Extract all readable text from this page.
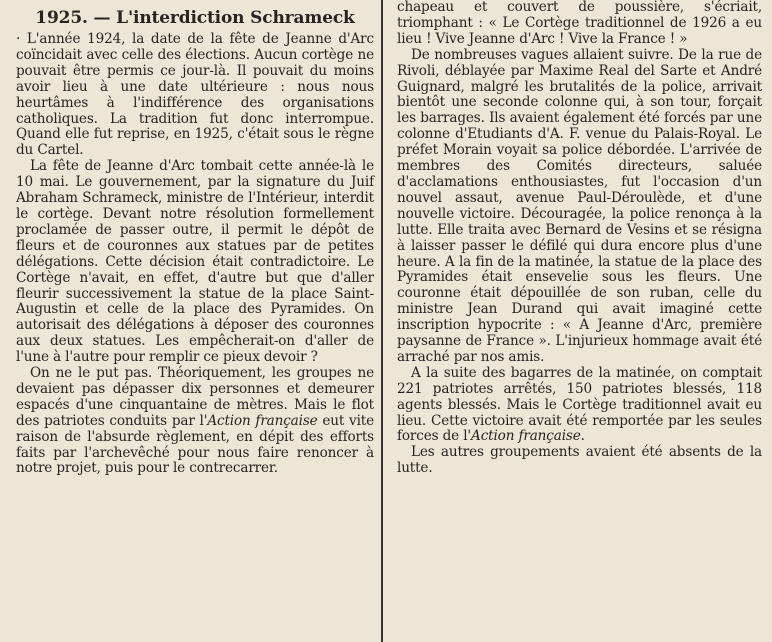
1925. — L'interdiction Schrameck

· L'année 1924, la date de la fête de Jeanne d'Arc coïncidait avec celle des élections. Aucun cortège ne pouvait être permis ce jour-là. Il pouvait du moins avoir lieu à une date ultérieure : nous nous heurtâmes à l'indifférence des organisations catholiques. La tradition fut donc interrompue. Quand elle fut reprise, en 1925, c'était sous le règne du Cartel.

La fête de Jeanne d'Arc tombait cette année-là le 10 mai. Le gouvernement, par la signature du Juif Abraham Schrameck, ministre de l'Intérieur, interdit le cortège. Devant notre résolution formellement proclamée de passer outre, il permit le dépôt de fleurs et de couronnes aux statues par de petites délégations. Cette décision était contradictoire. Le Cortège n'avait, en effet, d'autre but que d'aller fleurir successivement la statue de la place Saint-Augustin et celle de la place des Pyramides. On autorisait des délégations à déposer des couronnes aux deux statues. Les empêcherait-on d'aller de l'une à l'autre pour remplir ce pieux devoir ?

On ne le put pas. Théoriquement, les groupes ne devaient pas dépasser dix personnes et demeurer espacés d'une cinquantaine de mètres. Mais le flot des patriotes conduits par l'Action française eut vite raison de l'absurde règlement, en dépit des efforts faits par l'archevêché pour nous faire renoncer à notre projet, puis pour le contrecarrer.

chapeau et couvert de poussière, s'écriait, triomphant : « Le Cortège traditionnel de 1926 a eu lieu ! Vive Jeanne d'Arc ! Vive la France ! »

De nombreuses vagues allaient suivre. De la rue de Rivoli, déblayée par Maxime Real del Sarte et André Guignard, malgré les brutalités de la police, arrivait bientôt une seconde colonne qui, à son tour, forçait les barrages. Ils avaient également été forcés par une colonne d'Etudiants d'A. F. venue du Palais-Royal. Le préfet Morain voyait sa police débordée. L'arrivée de membres des Comités directeurs, saluée d'acclamations enthousiastes, fut l'occasion d'un nouvel assaut, avenue Paul-Déroulède, et d'une nouvelle victoire. Découragée, la police renonça à la lutte. Elle traita avec Bernard de Vesins et se résigna à laisser passer le défilé qui dura encore plus d'une heure. A la fin de la matinée, la statue de la place des Pyramides était ensevelie sous les fleurs. Une couronne était dépouillée de son ruban, celle du ministre Jean Durand qui avait imaginé cette inscription hypocrite : « A Jeanne d'Arc, première paysanne de France ». L'injurieux hommage avait été arraché par nos amis.

A la suite des bagarres de la matinée, on comptait 221 patriotes arrêtés, 150 patriotes blessés, 118 agents blessés. Mais le Cortège traditionnel avait eu lieu. Cette victoire avait été remportée par les seules forces de l'Action française.

Les autres groupements avaient été absents de la lutte.
